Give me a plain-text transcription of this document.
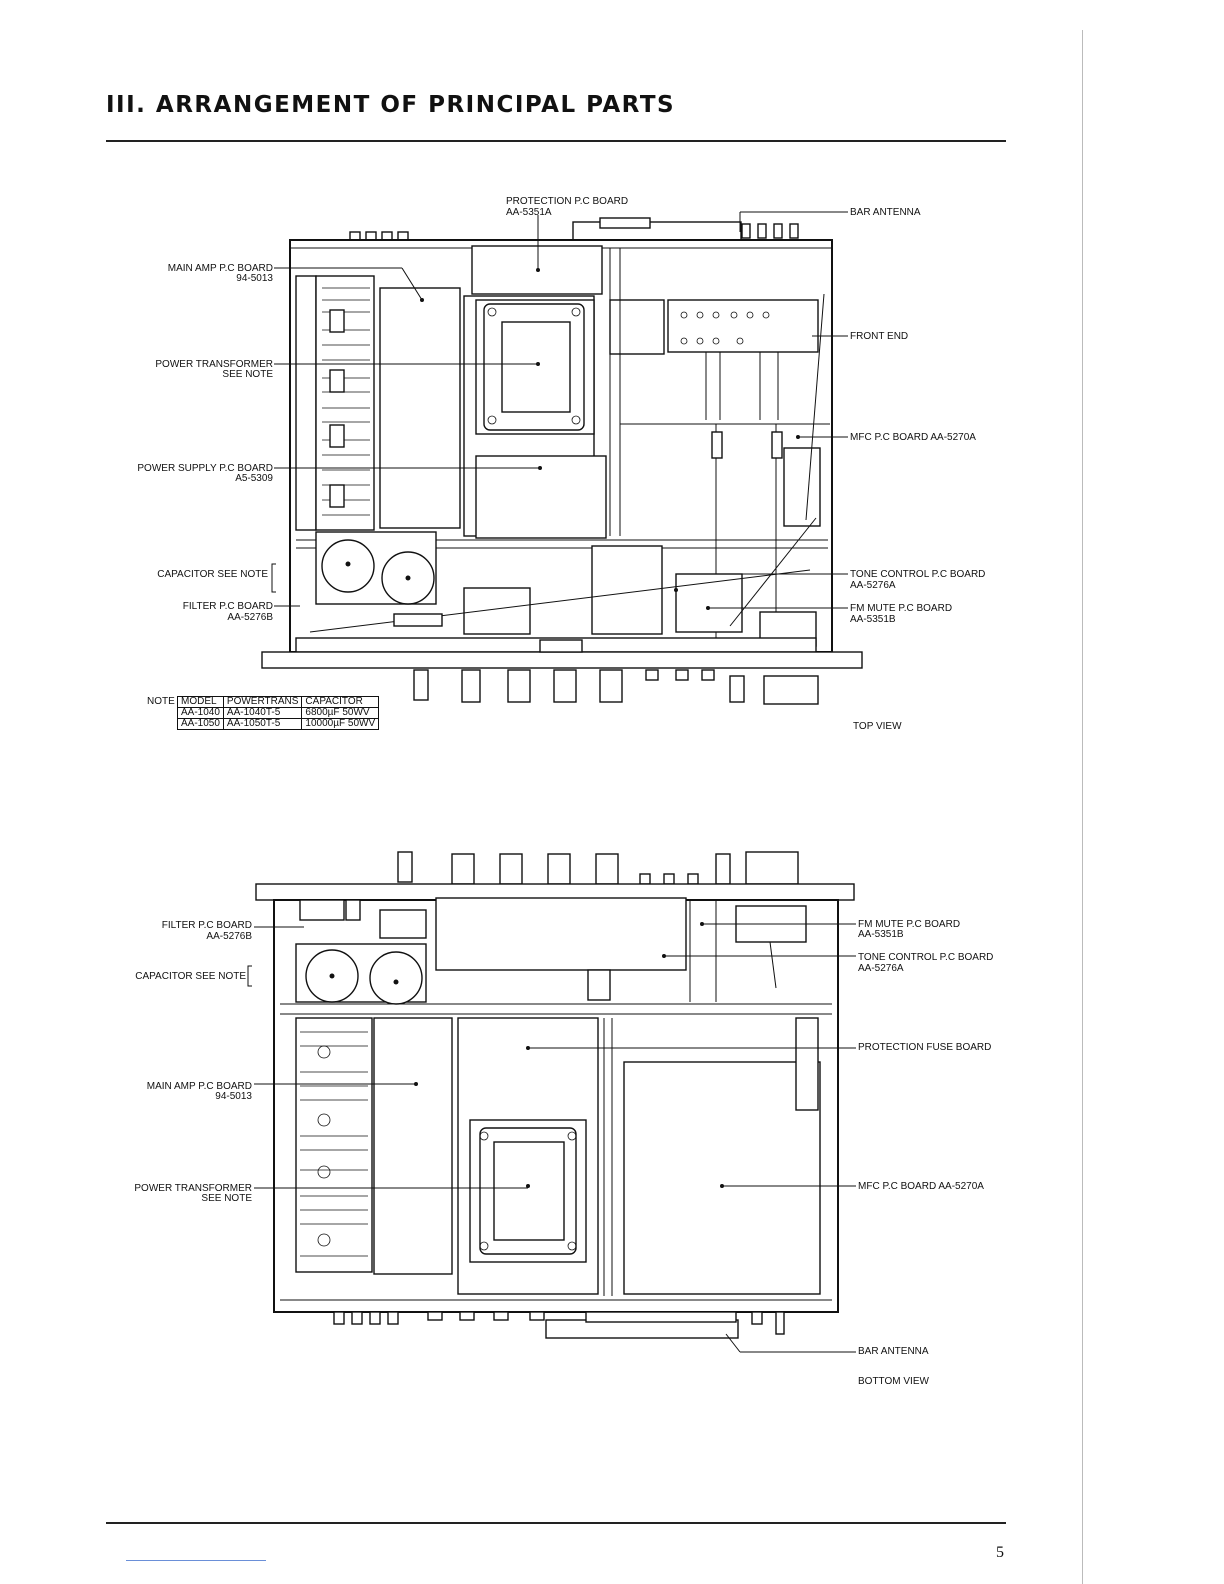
III. ARRANGEMENT OF PRINCIPAL PARTS
PROTECTION P.C BOARD
AA-5351A	BAR ANTENNA
MAIN AMP P.C BOARD
94-5013
FRONT END
POWER TRANSFORMER
SEE NOTE
MFC P.C BOARD AA-5270A
POWER SUPPLY P.C BOARD
A5-5309
CAPACITOR SEE NOTE	TONE CONTROL P.C BOARD
AA-5276A
FILTER P.C BOARD
AA-5276B
FM MUTE P.C BOARD
AA-5351B
TOP VIEW
FILTER P.C BOARD
AA-5276B
FM MUTE P.C BOARD
AA-5351B
CAPACITOR SEE NOTE
TONE CONTROL P.C BOARD
AA-5276A
PROTECTION FUSE BOARD
MAIN AMP P.C BOARD
94-5013
POWER TRANSFORMER
SEE NOTE
MFC P.C BOARD AA-5270A
BAR ANTENNA
BOTTOM VIEW
NOTE MODEL	POWERTRANS	CAPACITOR
AA-1040	AA-1040T-5	6800µF 50WV
AA-1050	AA-1050T-5	10000µF 50WV
5
